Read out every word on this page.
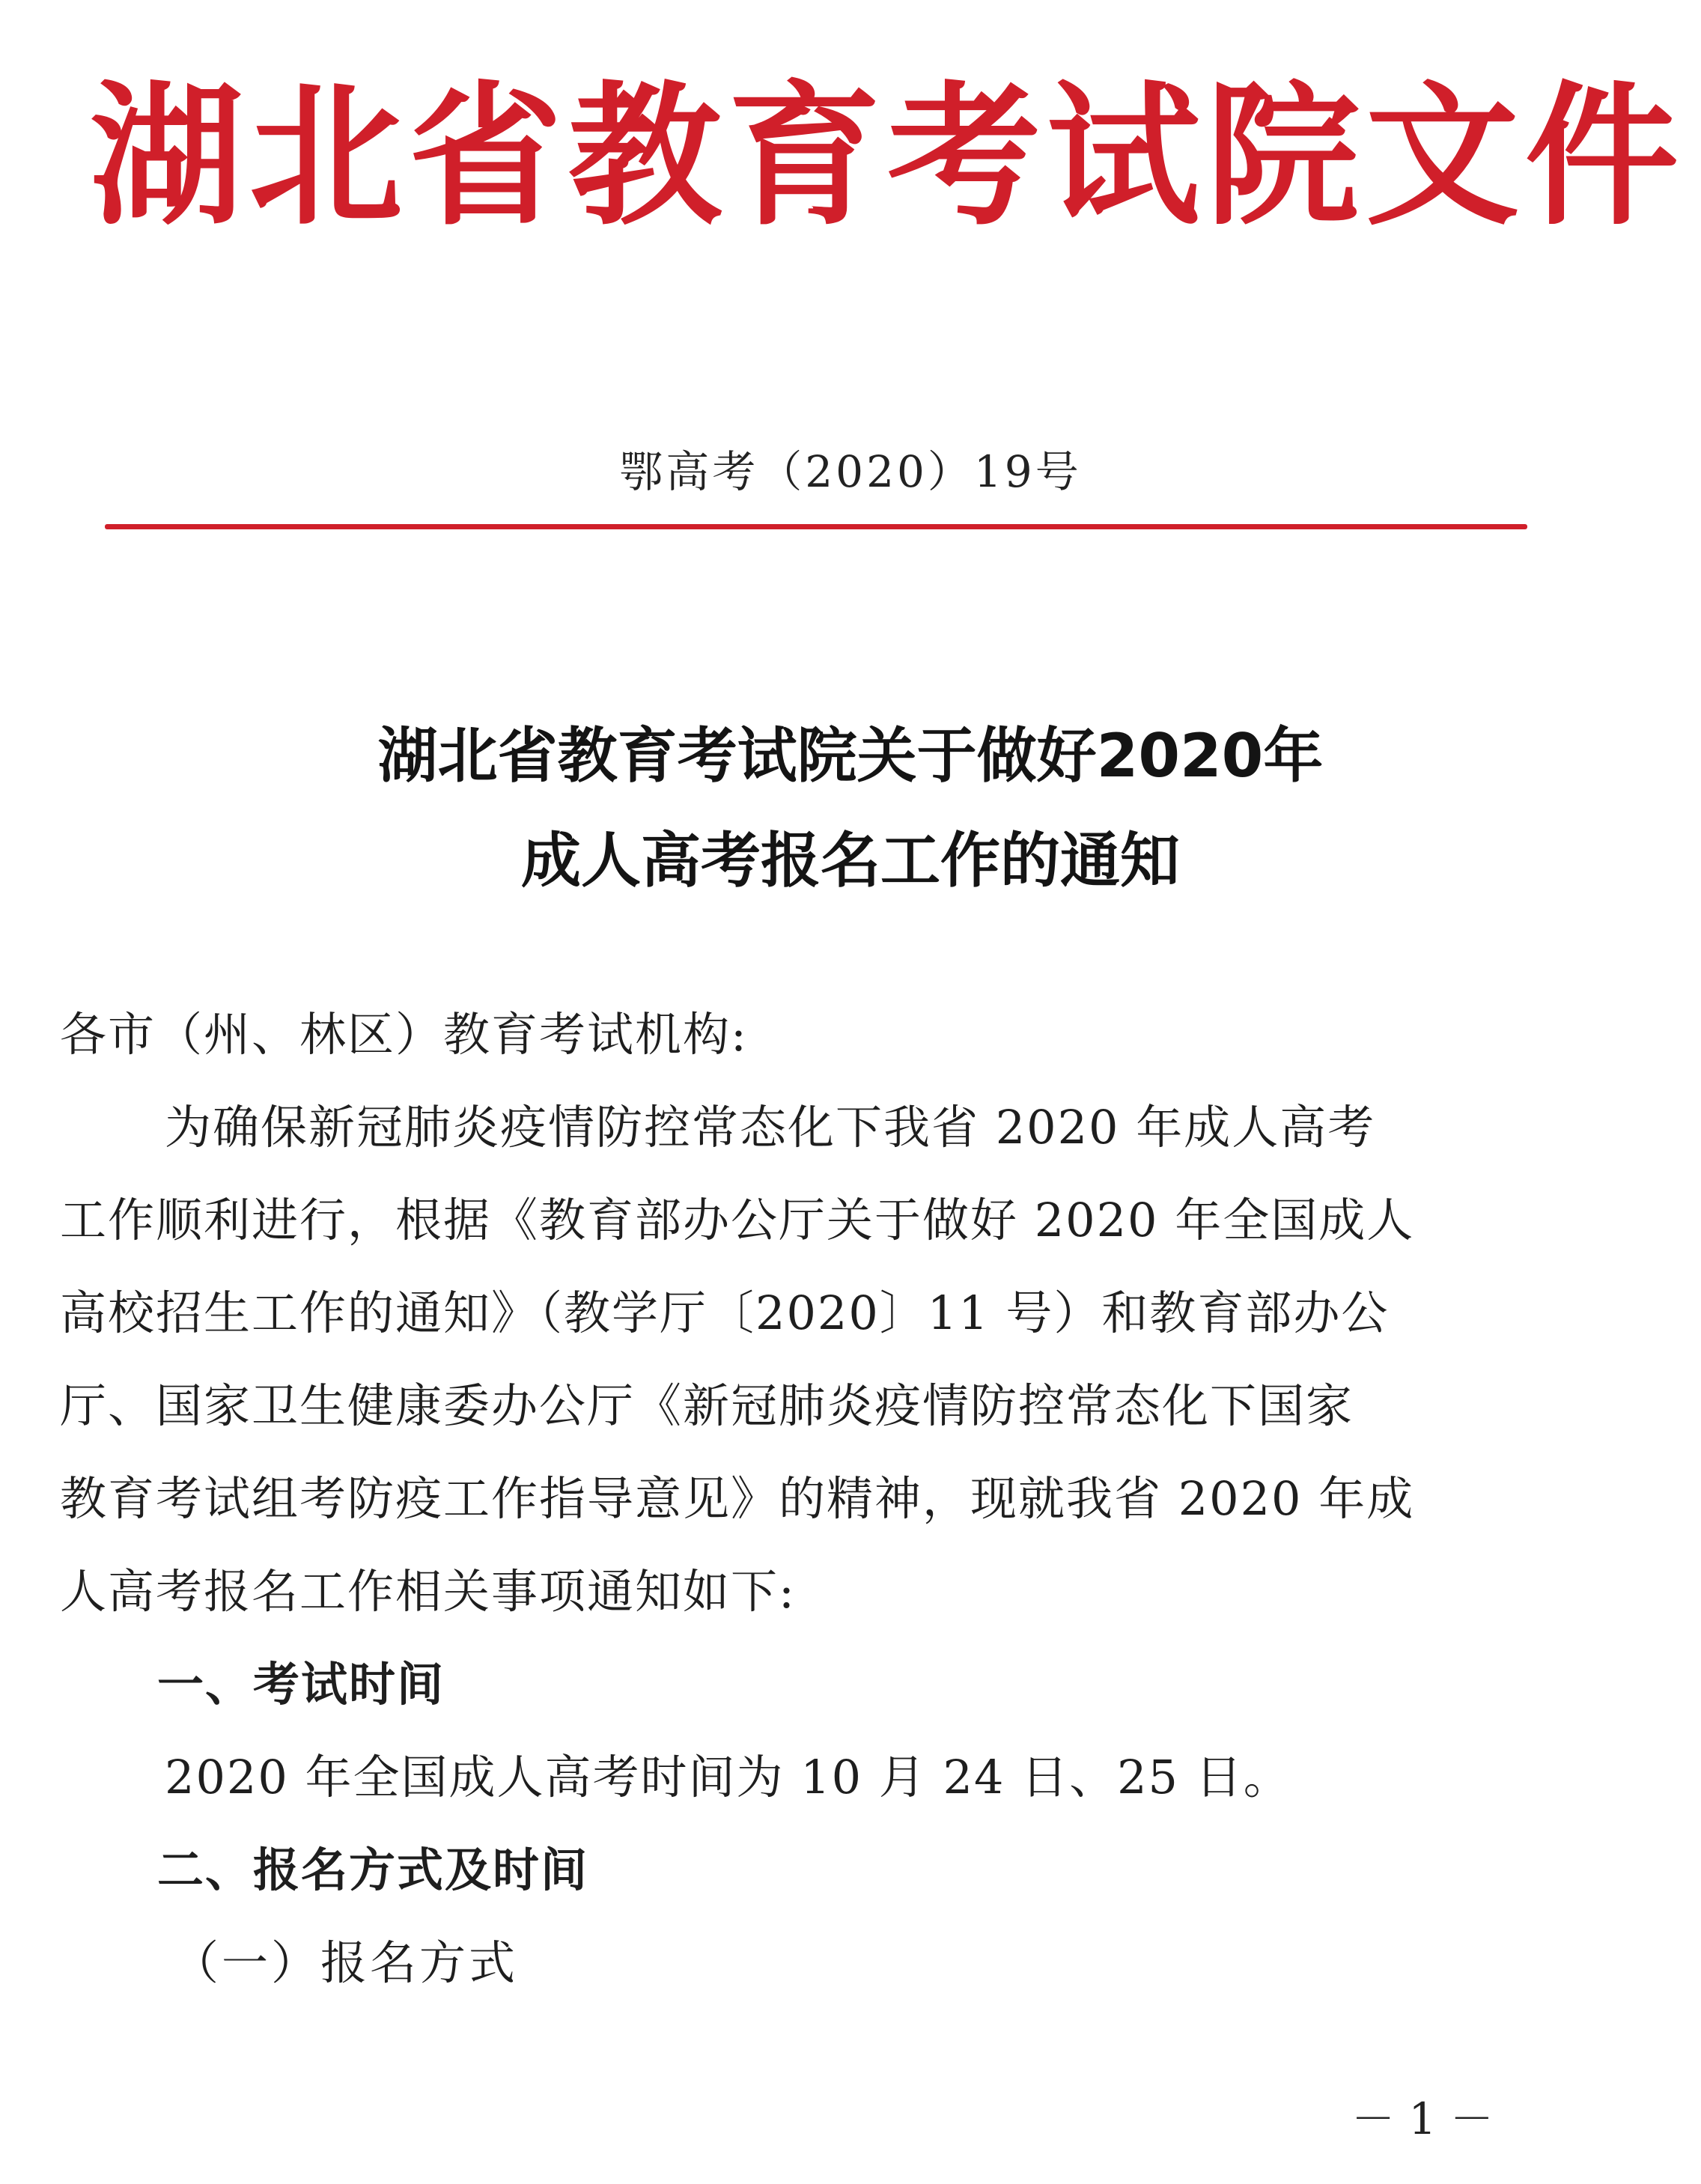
湖北省教育考试院文件
鄂高考（2020）19号
湖北省教育考试院关于做好2020年
成人高考报名工作的通知
各市（州、林区）教育考试机构:
为确保新冠肺炎疫情防控常态化下我省 2020 年成人高考
工作顺利进行，根据《教育部办公厅关于做好 2020 年全国成人
高校招生工作的通知》（教学厅〔2020〕11 号）和教育部办公
厅、国家卫生健康委办公厅《新冠肺炎疫情防控常态化下国家
教育考试组考防疫工作指导意见》的精神，现就我省 2020 年成
人高考报名工作相关事项通知如下:
一、考试时间
2020 年全国成人高考时间为 10 月 24 日、25 日。
二、报名方式及时间
（一）报名方式
－ 1 －
